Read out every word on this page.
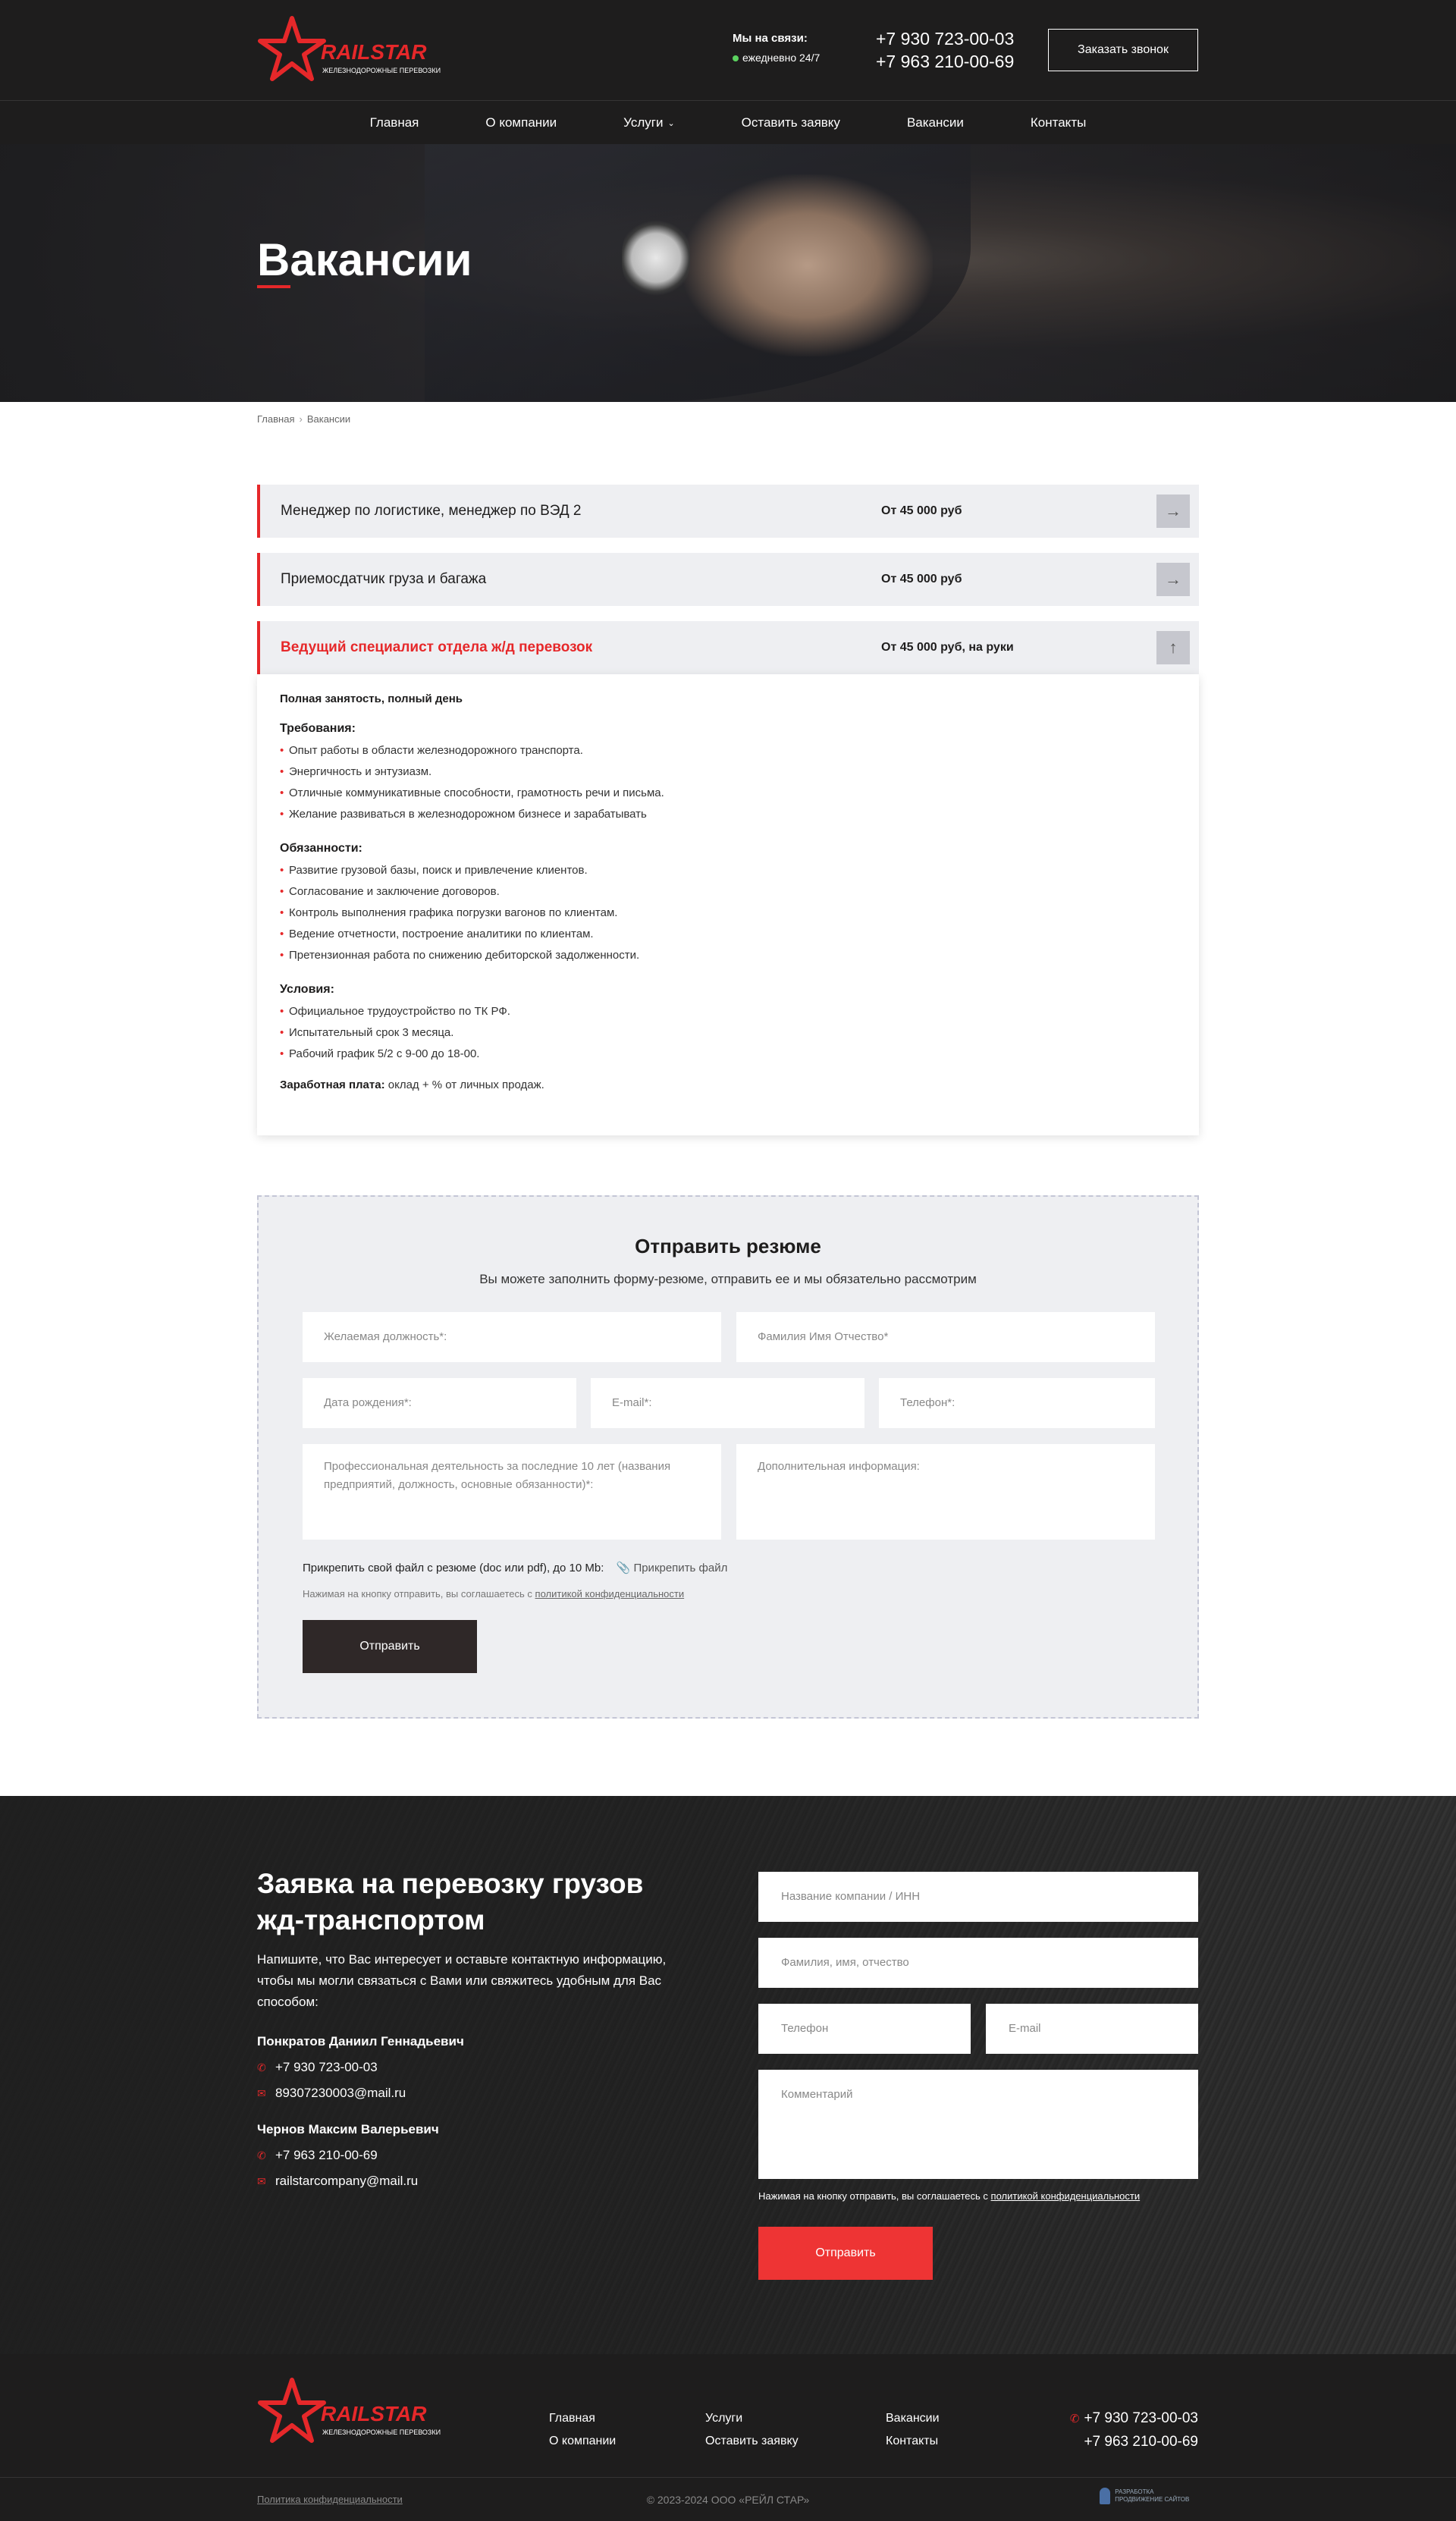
RAILSTAR
ЖЕЛЕЗНОДОРОЖНЫЕ ПЕРЕВОЗКИ
Мы на связи:
ежедневно 24/7
+7 930 723-00-03
+7 963 210-00-69
Заказать звонок
Главная	О компании	Услуги ⌄	Оставить заявку	Вакансии	Контакты
Вакансии
Главная › Вакансии
Менеджер по логистике, менеджер по ВЭД 2	От 45 000 руб	→
Приемосдатчик груза и багажа	От 45 000 руб	→
Ведущий специалист отдела ж/д перевозок	От 45 000 руб, на руки	↑
Полная занятость, полный день
Требования:
• Опыт работы в области железнодорожного транспорта.
• Энергичность и энтузиазм.
• Отличные коммуникативные способности, грамотность речи и письма.
• Желание развиваться в железнодорожном бизнесе и зарабатывать
Обязанности:
• Развитие грузовой базы, поиск и привлечение клиентов.
• Согласование и заключение договоров.
• Контроль выполнения графика погрузки вагонов по клиентам.
• Ведение отчетности, построение аналитики по клиентам.
• Претензионная работа по снижению дебиторской задолженности.
Условия:
• Официальное трудоустройство по ТК РФ.
• Испытательный срок 3 месяца.
• Рабочий график 5/2 с 9-00 до 18-00.
Заработная плата: оклад + % от личных продаж.
Отправить резюме
Вы можете заполнить форму-резюме, отправить ее и мы обязательно рассмотрим
Желаемая должность*:	Фамилия Имя Отчество*
Дата рождения*:	E-mail*:	Телефон*:
Профессиональная деятельность за последние 10 лет (названия предприятий, должность, основные обязанности)*:
Дополнительная информация:
Прикрепить свой файл с резюме (doc или pdf), до 10 Mb: 📎 Прикрепить файл
Нажимая на кнопку отправить, вы соглашаетесь с политикой конфиденциальности
Отправить
Заявка на перевозку грузов жд-транспортом
Напишите, что Вас интересует и оставьте контактную информацию, чтобы мы могли связаться с Вами или свяжитесь удобным для Вас способом:
Понкратов Даниил Геннадьевич
✆ +7 930 723-00-03
✉ 89307230003@mail.ru
Чернов Максим Валерьевич
✆ +7 963 210-00-69
✉ railstarcompany@mail.ru
Название компании / ИНН
Фамилия, имя, отчество
Телефон	E-mail
Комментарий
Нажимая на кнопку отправить, вы соглашаетесь с политикой конфиденциальности
Отправить
RAILSTAR
ЖЕЛЕЗНОДОРОЖНЫЕ ПЕРЕВОЗКИ
Главная
О компании
Услуги
Оставить заявку
Вакансии
Контакты
✆ +7 930 723-00-03
+7 963 210-00-69
Политика конфиденциальности	© 2023-2024 ООО «РЕЙЛ СТАР»
РАЗРАБОТКА
ПРОДВИЖЕНИЕ САЙТОВ
